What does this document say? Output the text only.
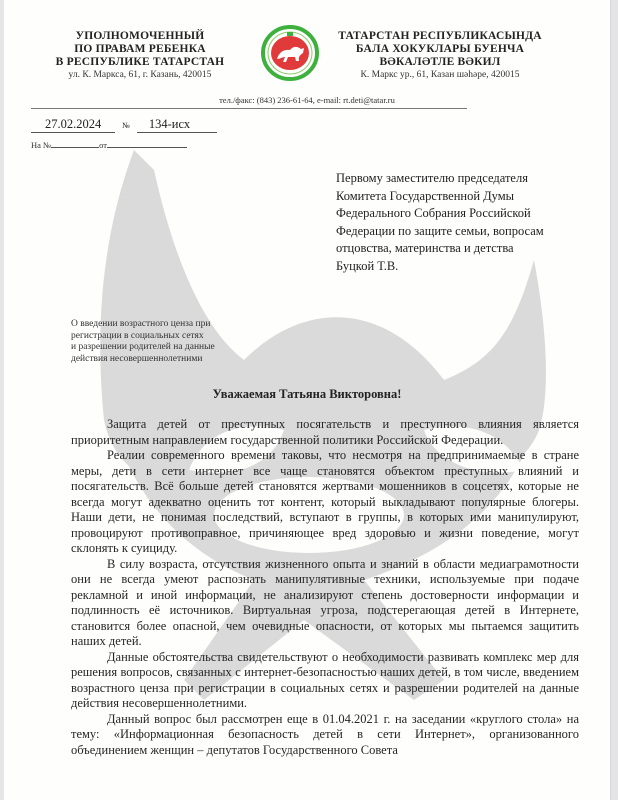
УПОЛНОМОЧЕННЫЙ
ПО ПРАВАМ РЕБЕНКА
В РЕСПУБЛИКЕ ТАТАРСТАН
ул. К. Маркса, 61, г. Казань, 420015
ТАТАРСТАН РЕСПУБЛИКАСЫНДА
БАЛА ХОКУКЛАРЫ БУЕНЧА
ВӘКАЛӘТЛЕ ВӘКИЛ
К. Маркс ур., 61, Казан шәһәре, 420015
тел./факс: (843) 236-61-64, e-mail: rt.deti@tatar.ru
27.02.2024	№ 134-исх
На №	от
Первому заместителю председателя
Комитета Государственной Думы
Федерального Собрания Российской
Федерации по защите семьи, вопросам
отцовства, материнства и детства
Буцкой Т.В.
О введении возрастного ценза при
регистрации в социальных сетях
и разрешении родителей на данные
действия несовершеннолетними
Уважаемая Татьяна Викторовна!

Защита детей от преступных посягательств и преступного влияния является приоритетным направлением государственной политики Российской Федерации.

Реалии современного времени таковы, что несмотря на предпринимаемые в стране меры, дети в сети интернет все чаще становятся объектом преступных влияний и посягательств. Всё больше детей становятся жертвами мошенников в соцсетях, которые не всегда могут адекватно оценить тот контент, который выкладывают популярные блогеры. Наши дети, не понимая последствий, вступают в группы, в которых ими манипулируют, провоцируют противоправное, причиняющее вред здоровью и жизни поведение, могут склонять к суициду.

В силу возраста, отсутствия жизненного опыта и знаний в области медиаграмотности они не всегда умеют распознать манипулятивные техники, используемые при подаче рекламной и иной информации, не анализируют степень достоверности информации и подлинность её источников. Виртуальная угроза, подстерегающая детей в Интернете, становится более опасной, чем очевидные опасности, от которых мы пытаемся защитить наших детей.

Данные обстоятельства свидетельствуют о необходимости развивать комплекс мер для решения вопросов, связанных с интернет-безопасностью наших детей, в том числе, введением возрастного ценза при регистрации в социальных сетях и разрешении родителей на данные действия несовершеннолетними.

Данный вопрос был рассмотрен еще в 01.04.2021 г. на заседании «круглого стола» на тему: «Информационная безопасность детей в сети Интернет», организованного объединением женщин – депутатов Государственного Совета
